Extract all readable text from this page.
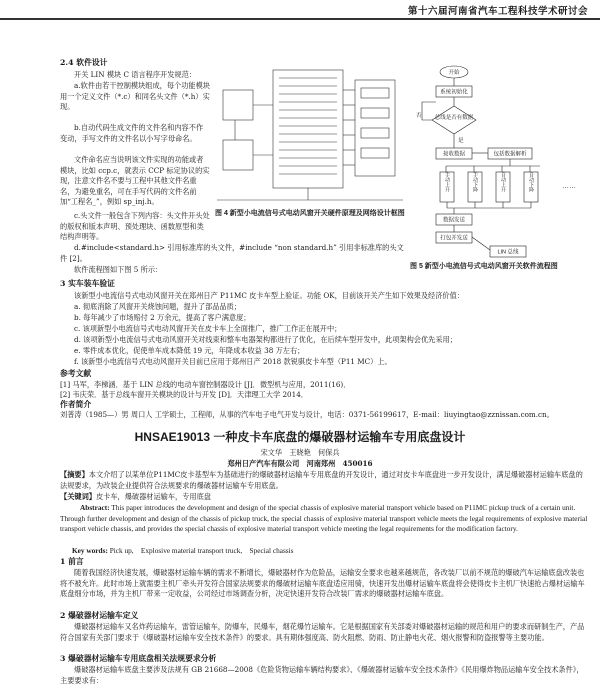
第十六届河南省汽车工程科技学术研讨会
2.4 软件设计

开关 LIN 模块 C 语言程序开发规范：

a.软件由若干控制模块组成，每个功能模块用一个定义文件（*.c）和同名头文件（*.h）实现。

b.自动代码生成文件的文件名和内容不作变动，手写文件的文件名以小写字母命名。

文件命名应当说明该文件实现的功能或者模块，比如 ccp.c，就表示 CCP 标定协议的实现，注意文件名不要与工程中其他文件名重名，为避免重名，可在手写代码的文件名前加“工程名_”，例如 sp_inj.h。

c.头文件一般包含下列内容：头文件开头处的版权和版本声明、预处理块、函数原型和类结构声明等。

d.#include<standard.h> 引用标准库的头文件，#include “non standard.h” 引用非标准库的头文件 [2]。

软件流程图如下图 5 所示：

图 4 新型小电流信号式电动风窗开关硬件原理及网络设计框图
开始
系统初始化
总线是否有数据
是
否
接收数据	包括数据解析
手动上升	手动下降	自动上升	自动下降	……
数据发送
打包并发送
LIN 总线
图 5 新型小电流信号式电动风窗开关软件流程图
3 实车装车验证

该新型小电流信号式电动风窗开关在郑州日产 P11MC 皮卡车型上验证。功能 OK，目前该开关产生如下效果及经济价值：

a. 彻底消除了风窗开关烧蚀问题，提升了部品品质；

b. 每年减少了市场赔付 2 万余元，提高了客户满意度；

c. 该项新型小电流信号式电动风窗开关在皮卡车上全面推广，推广工作正在展开中；

d. 该项新型小电流信号式电动风窗开关对线束和整车电器架构都进行了优化，在后续车型开发中，此项架构会优先采用；

e. 零件成本优化，促使单车成本降低 19 元，年降成本收益 38 万左右；

f. 该新型小电流信号式电动风窗开关目前已应用于郑州日产 2018 款锐骐皮卡车型（P11 MC）上。

参考文献

[1] 马军，李梯涵．基于 LIN 总线的电动车窗控制器设计 [J]．微型机与应用，2011(16)．

[2] 韦庆荣．基于总线车窗开关模块的设计与开发 [D]．天津理工大学 2014．

作者简介

刘普涛（1985—）男 周口人 工学硕士，工程师，从事的汽车电子电气开发与设计，电话：0371-56199617，E-mail：liuyingtao@zznissan.com.cn。

HNSAE19013 一种皮卡车底盘的爆破器材运输车专用底盘设计
宋文华　王晓艳　何保兵
郑州日产汽车有限公司　河南郑州　450016

【摘要】本文介绍了以某单位P11MC皮卡基型车为基础进行的爆破器材运输车专用底盘的开发设计，通过对皮卡车底盘进一步开发设计，满足爆破器材运输车底盘的法规要求，为改装企业提供符合法规要求的爆破器材运输车专用底盘。

【关键词】皮卡车，爆破器材运输车，专用底盘

Abstract: This paper introduces the development and design of the special chassis of explosive material transport vehicle based on P11MC pickup truck of a certain unit. Through further development and design of the chassis of pickup truck, the special chassis of explosive material transport vehicle meets the legal requirements of explosive material transport vehicle chassis, and provides the special chassis of explosive material transport vehicle meeting the legal requirements for the modification factory.

Key words: Pick up,　Explosive material transport truck,　Special chassis

1 前言

随着我国经济快速发展，爆破器材运输车辆的需求不断增长，爆破器材作为危险品，运输安全要求也越来越规范，各改装厂以前不规范的爆破汽车运输底盘改装也将不被允许。此时市场上就需要主机厂牵头开发符合国家法规要求的爆破材运输车底盘适应用骑，快速开发出爆材运输车底盘将会使得皮卡主机厂快速抢占爆材运输车底盘细分市场，并为主机厂带来一定收益，公司经过市场调查分析，决定快速开发符合改装厂需求的爆破器材运输车底盘。

2 爆破器材运输车定义

爆破器材运输车又名炸药运输车，雷管运输车，防爆车，民爆车，烟花爆竹运输车。它是根据国家有关部委对爆破器材运输的规范和用户的要求而研制生产，产品符合国家有关部门要求于《爆破器材运输车安全技术条件》的要求。具有期体强度高、防火阻燃、防雨、防止静电火花、烟火报警和防盗报警等主要功能。

3 爆破器材运输车专用底盘相关法规要求分析

爆破器材运输车底盘主要涉及法规有 GB 21668—2008《危险货物运输车辆结构要求》、《爆破器材运输车安全技术条件》《民用爆炸物品运输车安全技术条件》，主要要求有：
